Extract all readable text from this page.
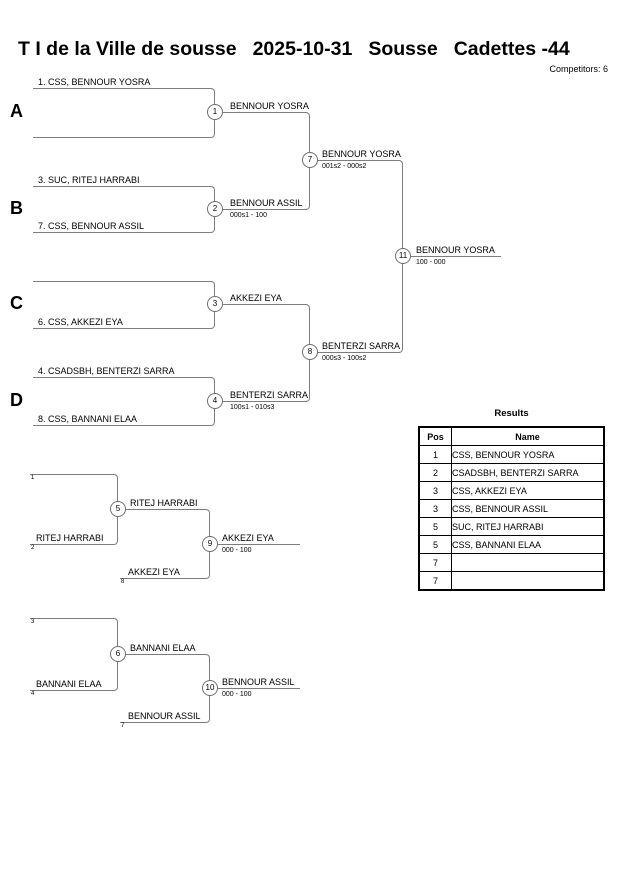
T I de la Ville de sousse 2025-10-31 Sousse Cadettes -44
Competitors: 6
A
B
C
D
1. CSS, BENNOUR YOSRA
3. SUC, RITEJ HARRABI
7. CSS, BENNOUR ASSIL
6. CSS, AKKEZI EYA
4. CSADSBH, BENTERZI SARRA
8. CSS, BANNANI ELAA
BENNOUR YOSRA
BENNOUR ASSIL
000s1 - 100
AKKEZI EYA
BENTERZI SARRA
100s1 - 010s3
BENNOUR YOSRA
001s2 - 000s2
BENTERZI SARRA
000s3 - 100s2
BENNOUR YOSRA
100 - 000
1
2
3
4
7
8
11
1
2
8
RITEJ HARRABI
RITEJ HARRABI
AKKEZI EYA
AKKEZI EYA
000 - 100
5
9
3
4
7
BANNANI ELAA
BANNANI ELAA
BENNOUR ASSIL
BENNOUR ASSIL
000 - 100
6
10
Results
Pos	Name
1	CSS, BENNOUR YOSRA
2	CSADSBH, BENTERZI SARRA
3	CSS, AKKEZI EYA
3	CSS, BENNOUR ASSIL
5	SUC, RITEJ HARRABI
5	CSS, BANNANI ELAA
7	
7	
